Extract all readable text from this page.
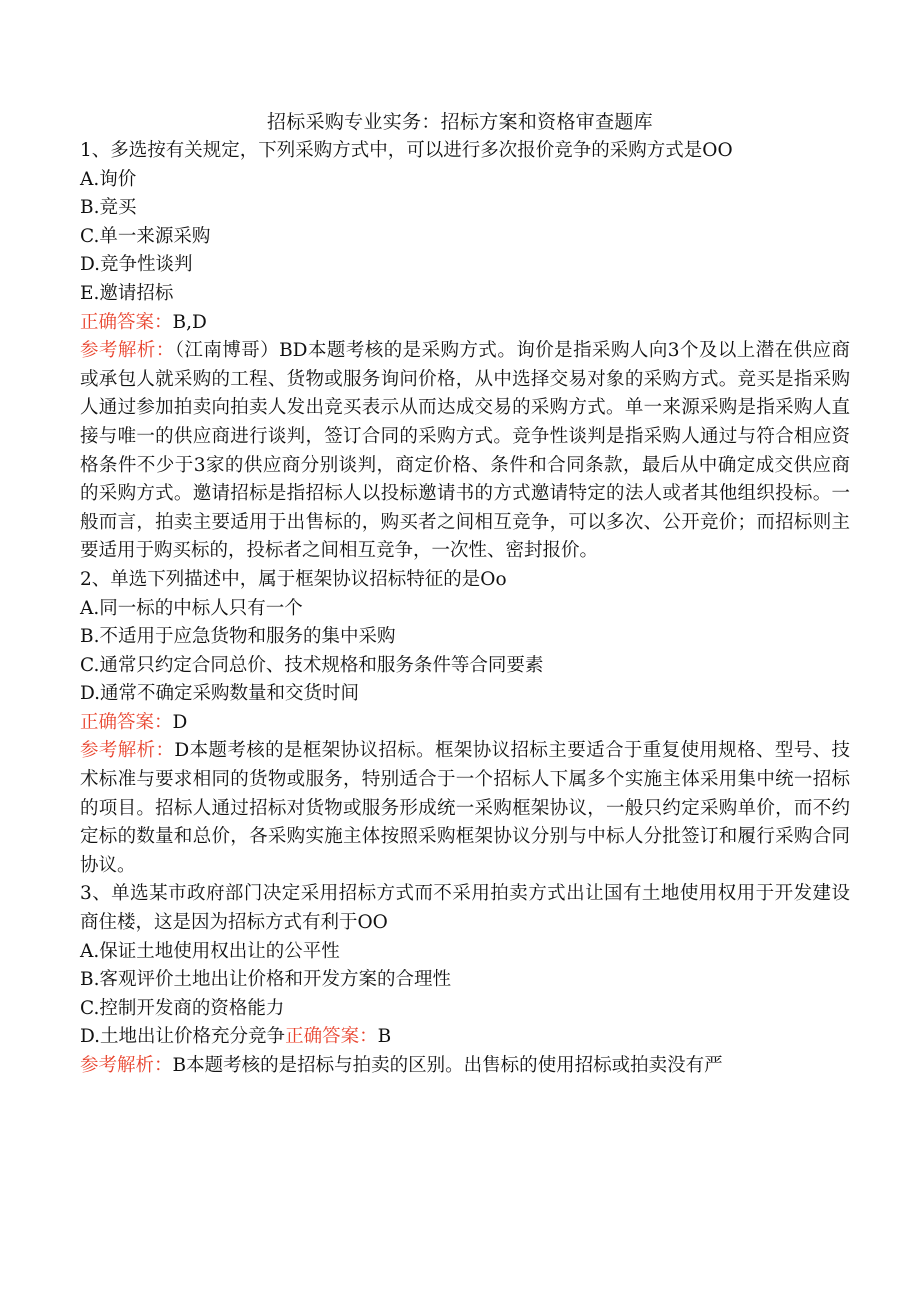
招标采购专业实务：招标方案和资格审查题库

1、多选按有关规定，下列采购方式中，可以进行多次报价竞争的采购方式是OO

A.询价

B.竞买

C.单一来源采购

D.竞争性谈判

E.邀请招标

正确答案：B,D

参考解析：（江南博哥）BD本题考核的是采购方式。询价是指采购人向3个及以上潜在供应商或承包人就采购的工程、货物或服务询问价格，从中选择交易对象的采购方式。竞买是指采购人通过参加拍卖向拍卖人发出竞买表示从而达成交易的采购方式。单一来源采购是指采购人直接与唯一的供应商进行谈判，签订合同的采购方式。竞争性谈判是指采购人通过与符合相应资格条件不少于3家的供应商分别谈判，商定价格、条件和合同条款，最后从中确定成交供应商的采购方式。邀请招标是指招标人以投标邀请书的方式邀请特定的法人或者其他组织投标。一般而言，拍卖主要适用于出售标的，购买者之间相互竞争，可以多次、公开竞价；而招标则主要适用于购买标的，投标者之间相互竞争，一次性、密封报价。

2、单选下列描述中，属于框架协议招标特征的是Oo

A.同一标的中标人只有一个

B.不适用于应急货物和服务的集中采购

C.通常只约定合同总价、技术规格和服务条件等合同要素

D.通常不确定采购数量和交货时间

正确答案：D

参考解析：D本题考核的是框架协议招标。框架协议招标主要适合于重复使用规格、型号、技术标准与要求相同的货物或服务，特别适合于一个招标人下属多个实施主体采用集中统一招标的项目。招标人通过招标对货物或服务形成统一采购框架协议，一般只约定采购单价，而不约定标的数量和总价，各采购实施主体按照采购框架协议分别与中标人分批签订和履行采购合同协议。

3、单选某市政府部门决定采用招标方式而不采用拍卖方式出让国有土地使用权用于开发建设商住楼，这是因为招标方式有利于OO

A.保证土地使用权出让的公平性

B.客观评价土地出让价格和开发方案的合理性

C.控制开发商的资格能力

D.土地出让价格充分竞争正确答案：B

参考解析：B本题考核的是招标与拍卖的区别。出售标的使用招标或拍卖没有严
